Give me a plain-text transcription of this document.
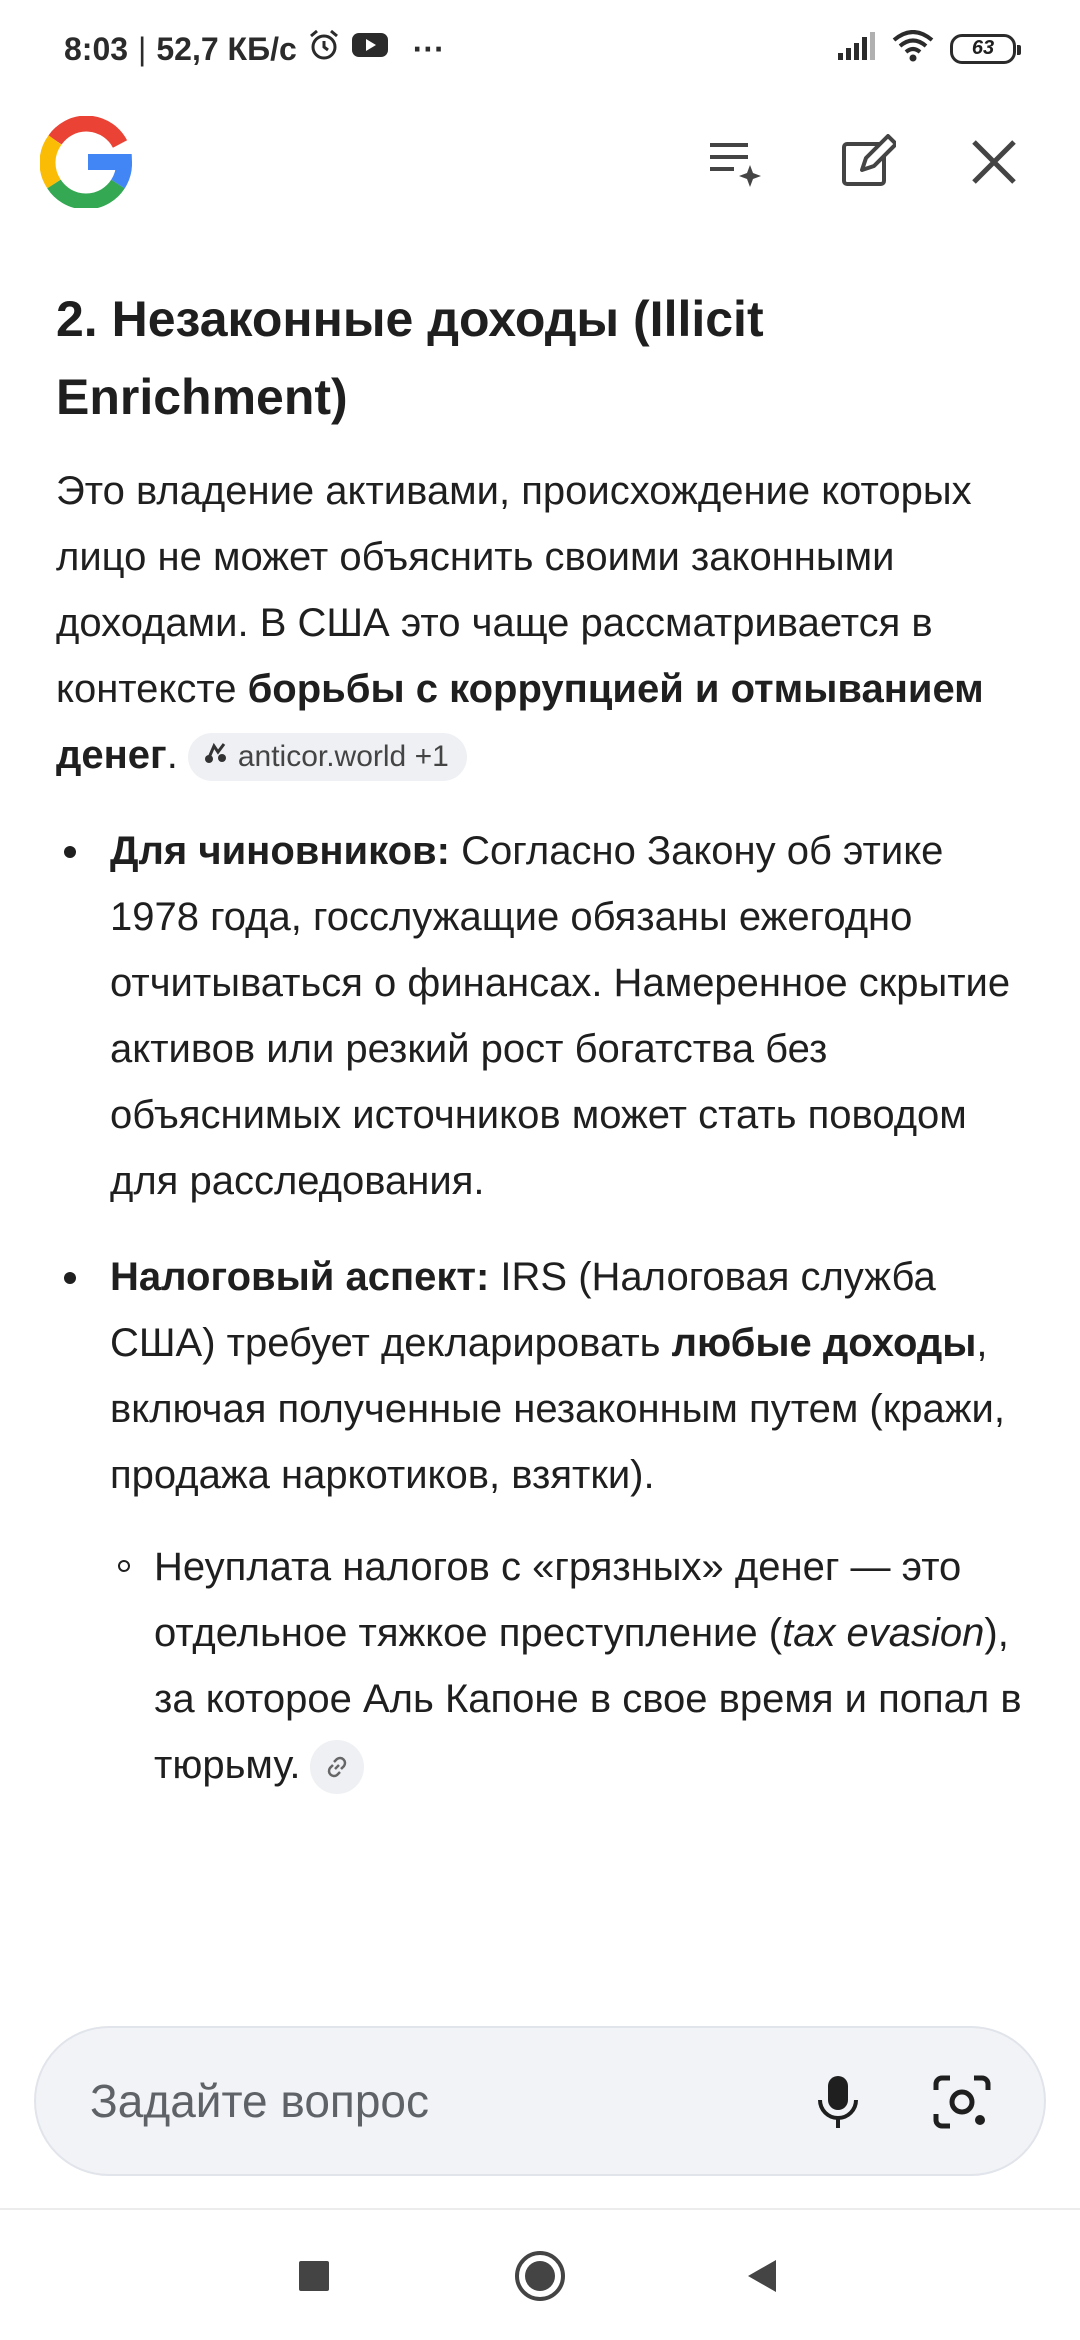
8:03 | 52,7 КБ/с	···	63
2. Незаконные доходы (Illicit Enrichment)

Это владение активами, происхождение которых лицо не может объяснить своими законными доходами. В США это чаще рассматривается в контексте борьбы с коррупцией и отмыванием денег. anticor.world +1

Для чиновников: Согласно Закону об этике 1978 года, госслужащие обязаны ежегодно отчитываться о финансах. Намеренное скрытие активов или резкий рост богатства без объяснимых источников может стать поводом для расследования.
Налоговый аспект: IRS (Налоговая служба США) требует декларировать любые доходы, включая полученные незаконным путем (кражи, продажа наркотиков, взятки).
Неуплата налогов с «грязных» денег — это отдельное тяжкое преступление (tax evasion), за которое Аль Капоне в свое время и попал в тюрьму.
Задайте вопрос
